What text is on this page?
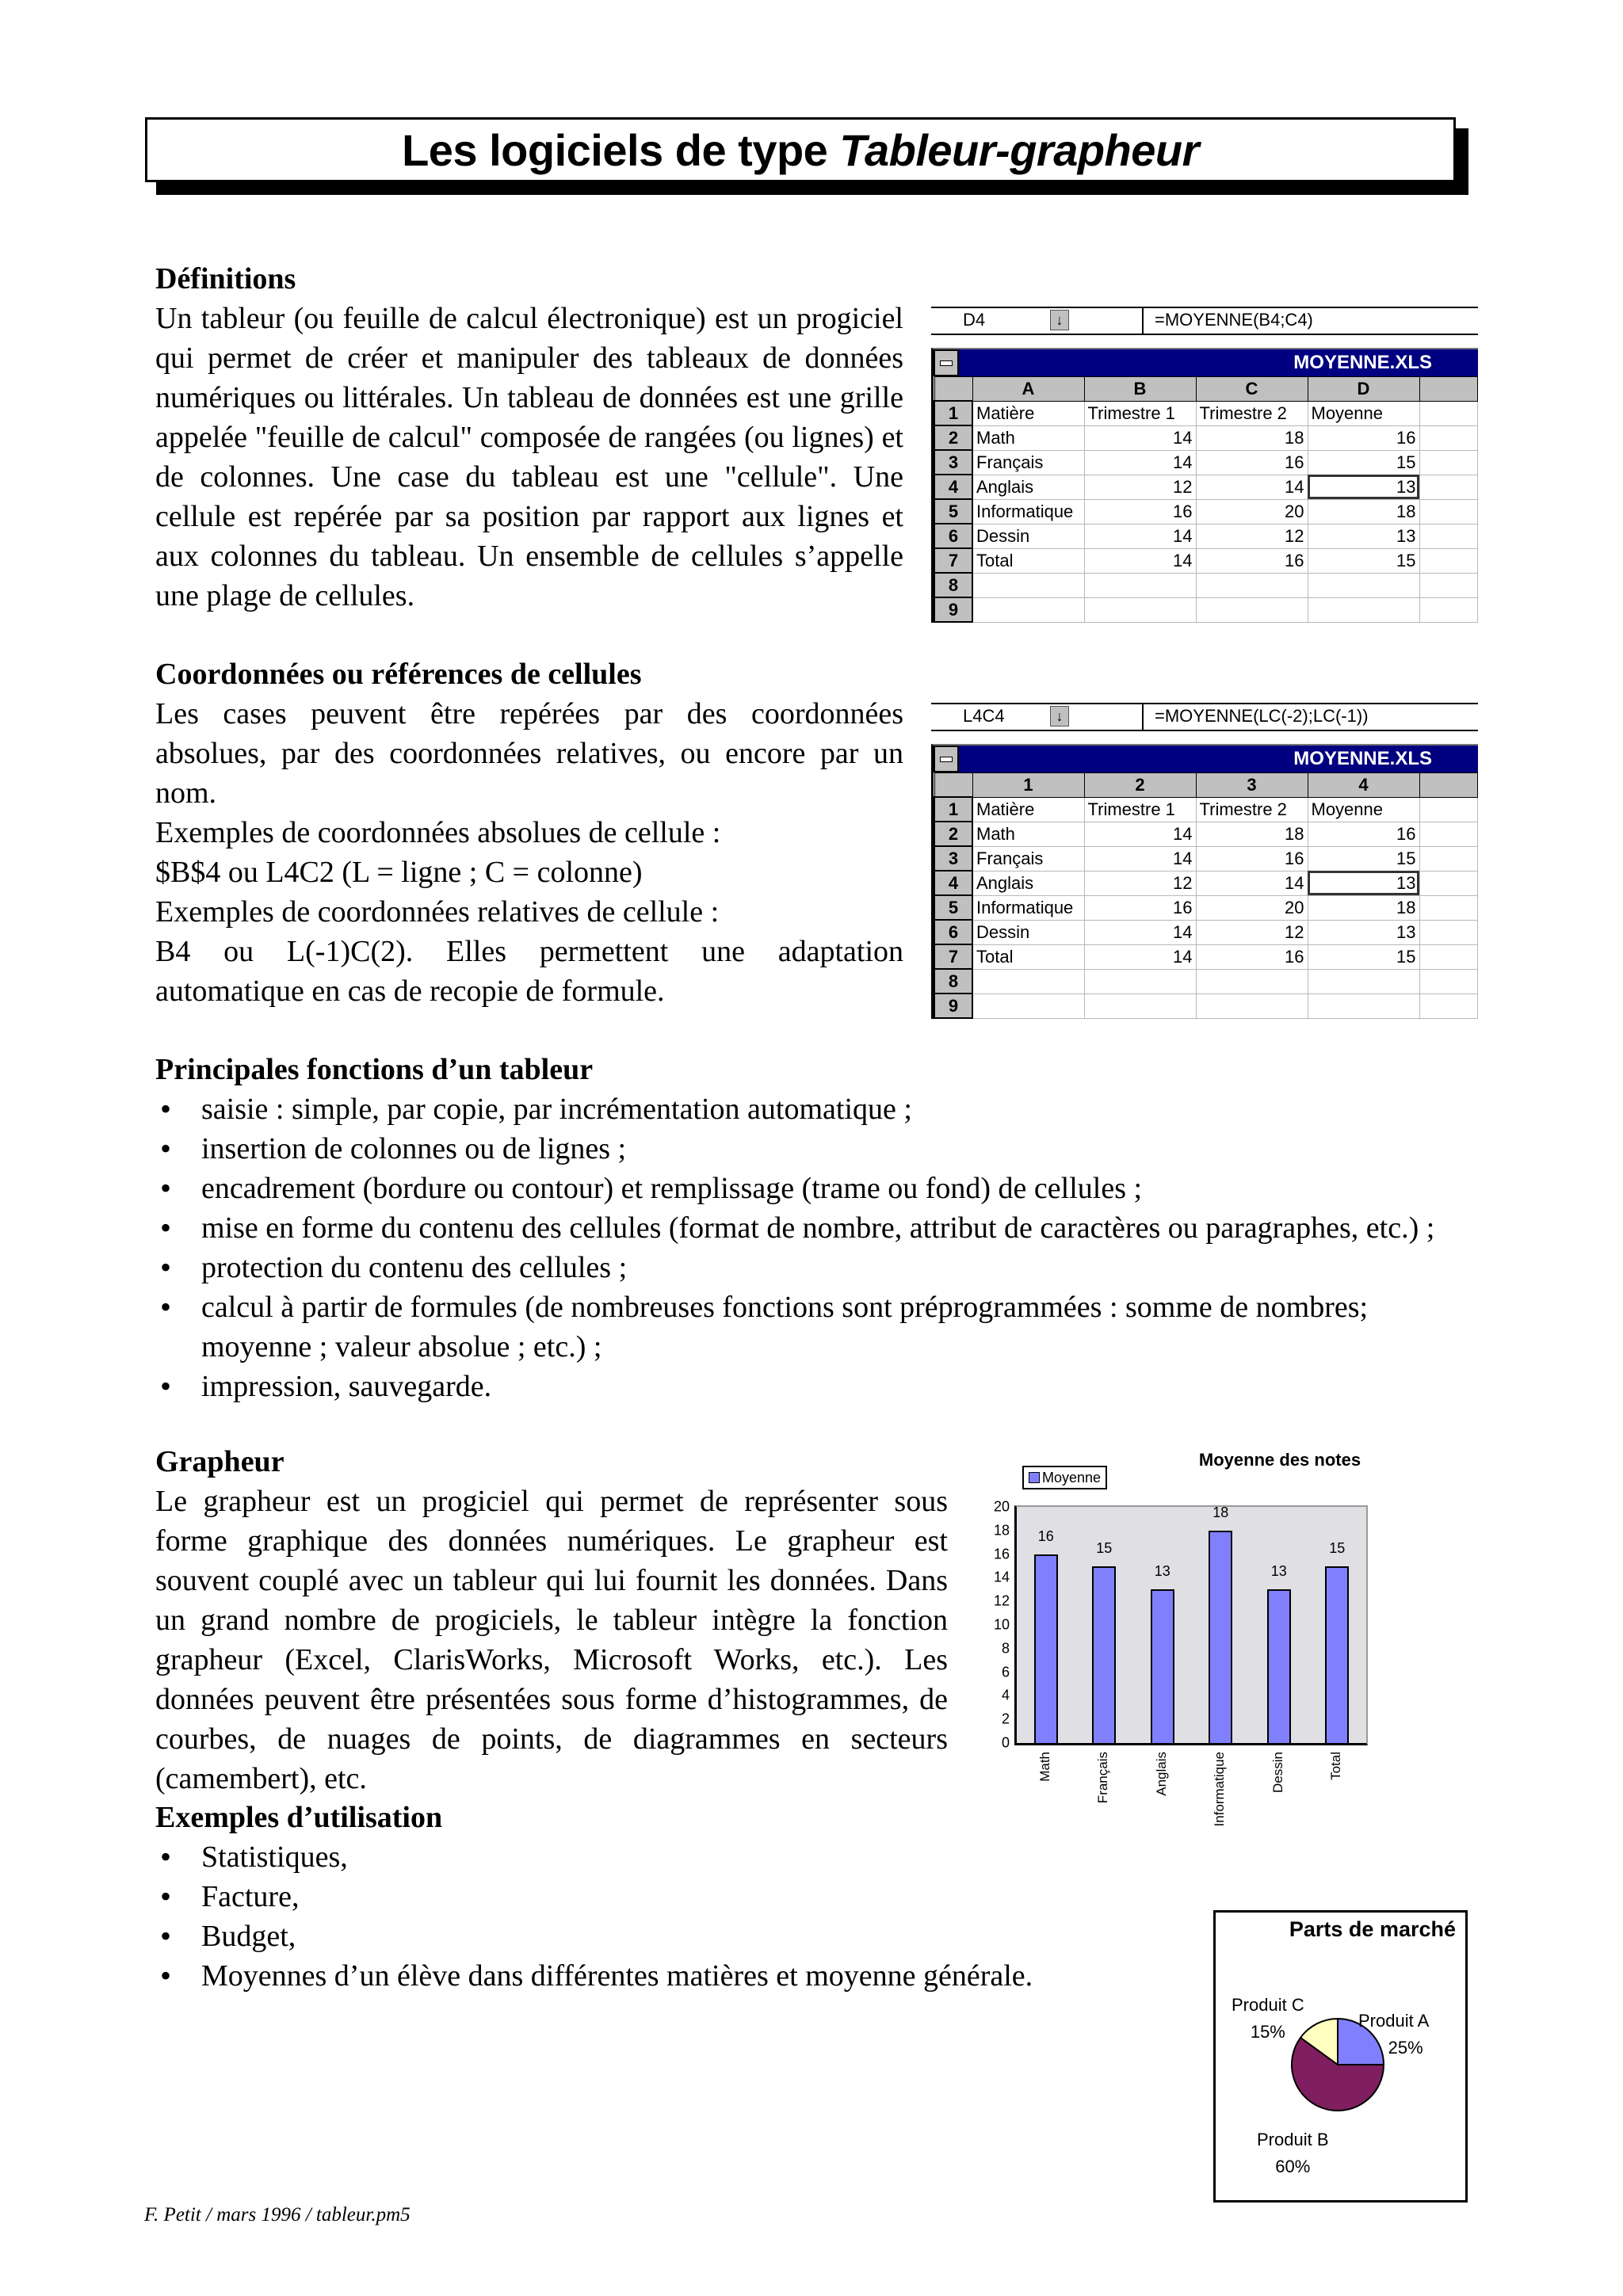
Les logiciels de type Tableur-grapheur
Définitions

Un tableur (ou feuille de calcul électronique) est un progiciel qui permet de créer et manipuler des tableaux de données numériques ou littérales. Un tableau de données est une grille appelée "feuille de calcul" composée de rangées (ou lignes) et de colonnes. Une case du tableau est une "cellule". Une cellule est repérée par sa position par rapport aux lignes et aux colonnes du tableau. Un ensemble de cellules s’appelle une plage de cellules.

Coordonnées ou références de cellules

Les cases peuvent être repérées par des coordonnées absolues, par des coordonnées relatives, ou encore par un nom.

Exemples de coordonnées absolues de cellule :

$B$4 ou L4C2 (L = ligne ; C = colonne)

Exemples de coordonnées relatives de cellule :

B4 ou L(-1)C(2). Elles permettent une adaptation automatique en cas de recopie de formule.

Principales fonctions d’un tableur
• saisie : simple, par copie, par incrémentation automatique ;
• insertion de colonnes ou de lignes ;
• encadrement (bordure ou contour) et remplissage (trame ou fond) de cellules ;
• mise en forme du contenu des cellules (format de nombre, attribut de caractères ou paragraphes, etc.) ;
• protection du contenu des cellules ;
• calcul à partir de formules (de nombreuses fonctions sont préprogrammées : somme de nombres; moyenne ; valeur absolue ; etc.) ;
• impression, sauvegarde.
Grapheur

Le grapheur est un progiciel qui permet de représenter sous forme graphique des données numériques. Le grapheur est souvent couplé avec un tableur qui lui fournit les données. Dans un grand nombre de progiciels, le tableur intègre la fonction grapheur (Excel, ClarisWorks, Microsoft Works, etc.). Les données peuvent être présentées sous forme d’histogrammes, de courbes, de nuages de points, de diagrammes en secteurs (camembert), etc.

Exemples d’utilisation
• Statistiques,
• Facture,
• Budget,
• Moyennes d’un élève dans différentes matières et moyenne générale.
D4	↓	=MOYENNE(B4;C4)
MOYENNE.XLS
	A	B	C	D	
1	Matière	Trimestre 1	Trimestre 2	Moyenne	
2	Math	14	18	16	
3	Français	14	16	15	
4	Anglais	12	14	13	
5	Informatique	16	20	18	
6	Dessin	14	12	13	
7	Total	14	16	15	
8					
9					
L4C4	↓	=MOYENNE(LC(-2);LC(-1))
MOYENNE.XLS
	1	2	3	4	
1	Matière	Trimestre 1	Trimestre 2	Moyenne	
2	Math	14	18	16	
3	Français	14	16	15	
4	Anglais	12	14	13	
5	Informatique	16	20	18	
6	Dessin	14	12	13	
7	Total	14	16	15	
8					
9					
Moyenne
Moyenne des notes
16
15
13
18
13
15
0
2
4
6
8
10
12
14
16
18
20
Math	Français	Anglais	Informatique	Dessin	Total
Parts de marché
Produit A
25%
Produit C
15%
Produit B
60%
F. Petit / mars 1996 / tableur.pm5
